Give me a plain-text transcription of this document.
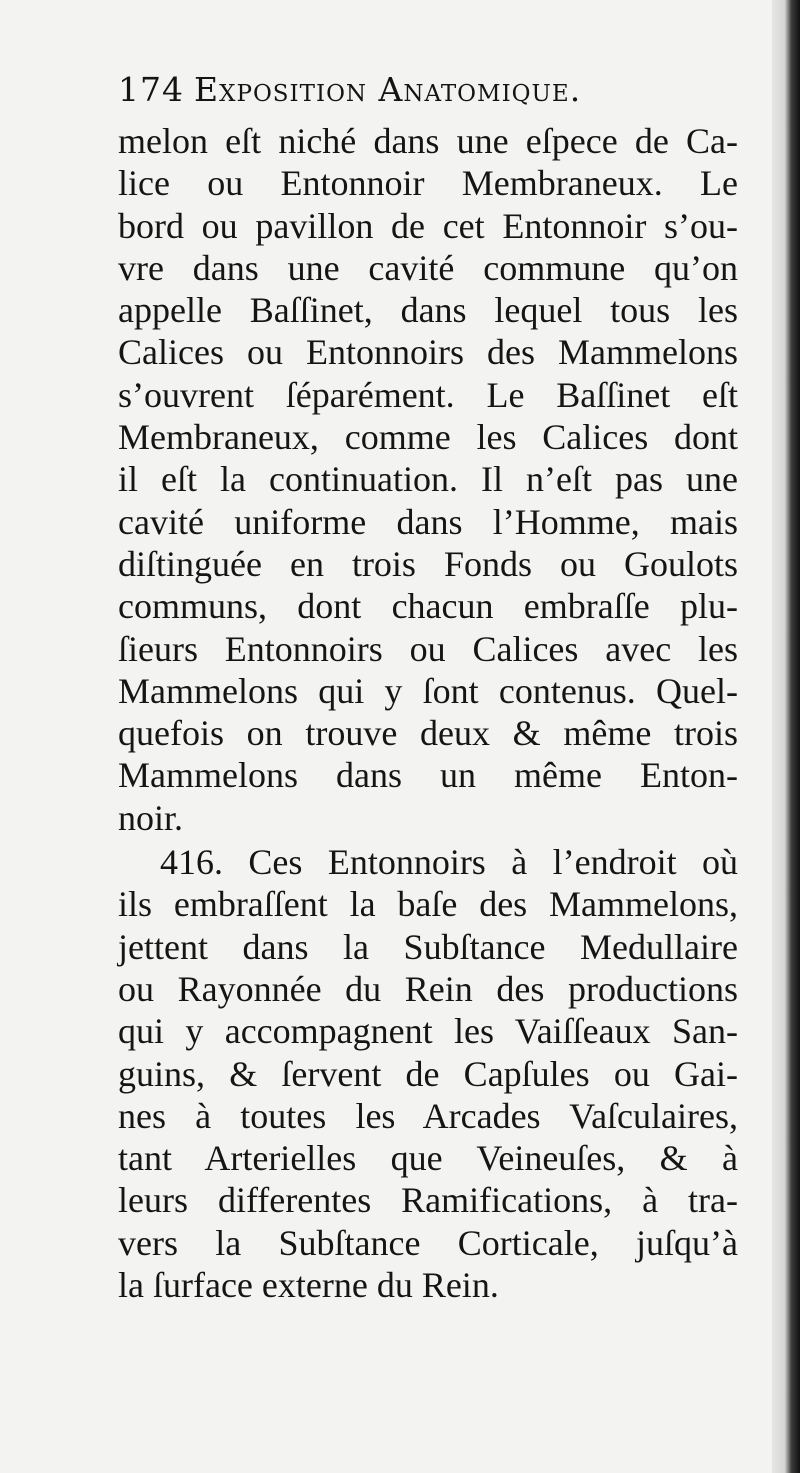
174 Exposition Anatomique.
melon eſt niché dans une eſpece de Ca-
lice ou Entonnoir Membraneux. Le
bord ou pavillon de cet Entonnoir s’ou-
vre dans une cavité commune qu’on
appelle Baſſinet, dans lequel tous les
Calices ou Entonnoirs des Mammelons
s’ouvrent ſéparément. Le Baſſinet eſt
Membraneux, comme les Calices dont
il eſt la continuation. Il n’eſt pas une
cavité uniforme dans l’Homme, mais
diſtinguée en trois Fonds ou Goulots
communs, dont chacun embraſſe plu-
ſieurs Entonnoirs ou Calices avec les
Mammelons qui y ſont contenus. Quel-
quefois on trouve deux & même trois
Mammelons dans un même Enton-
noir.
416. Ces Entonnoirs à l’endroit où
ils embraſſent la baſe des Mammelons,
jettent dans la Subſtance Medullaire
ou Rayonnée du Rein des productions
qui y accompagnent les Vaiſſeaux San-
guins, & ſervent de Capſules ou Gai-
nes à toutes les Arcades Vaſculaires,
tant Arterielles que Veineuſes, & à
leurs differentes Ramifications, à tra-
vers la Subſtance Corticale, juſqu’à
la ſurface externe du Rein.
